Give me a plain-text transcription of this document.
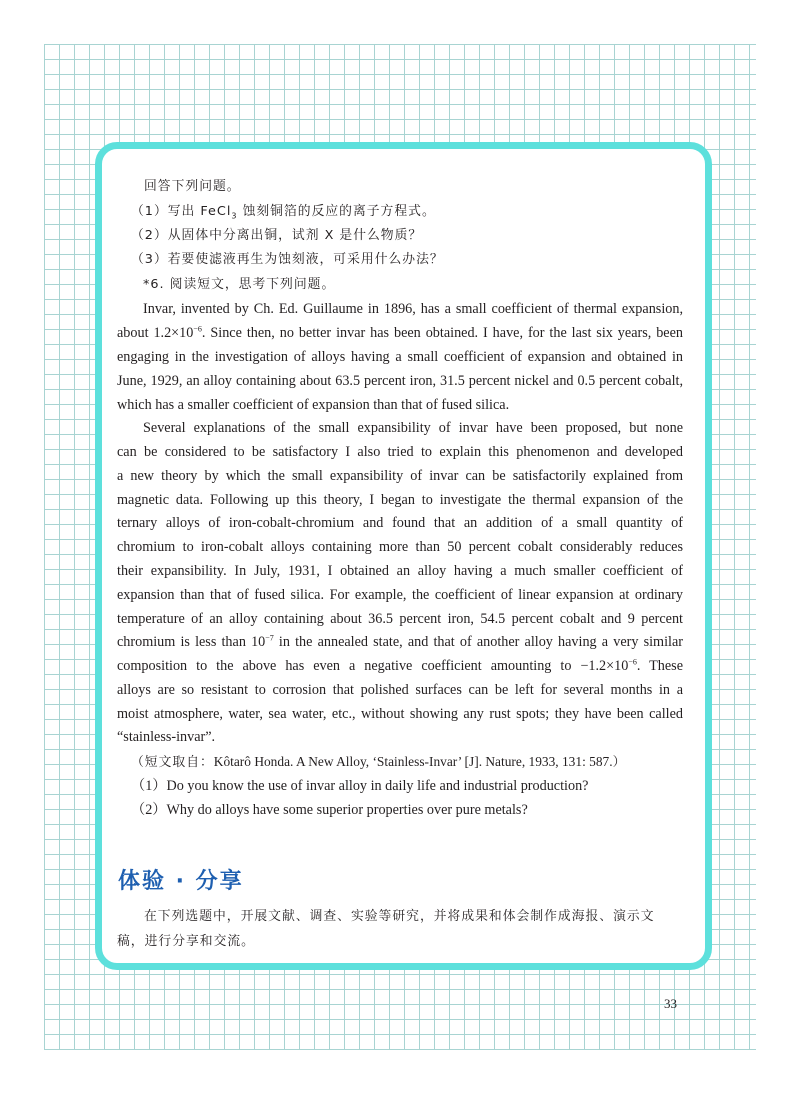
回答下列问题。
（1）写出 FeCl$_3$ 蚀刻铜箔的反应的离子方程式。
（2）从固体中分离出铜，试剂 X 是什么物质？
（3）若要使滤液再生为蚀刻液，可采用什么办法？
*6. 阅读短文，思考下列问题。
Invar, invented by Ch. Ed. Guillaume in 1896, has a small coefficient of thermal expansion,
about $1.2\times 10^{-6}$. Since then, no better invar has been obtained. I have, for the last six years, been
engaging in the investigation of alloys having a small coefficient of expansion and obtained in
June, 1929, an alloy containing about 63.5 percent iron, 31.5 percent nickel and 0.5 percent cobalt,
which has a smaller coefficient of expansion than that of fused silica.
Several explanations of the small expansibility of invar have been proposed, but none
can be considered to be satisfactory I also tried to explain this phenomenon and developed
a new theory by which the small expansibility of invar can be satisfactorily explained from
magnetic data. Following up this theory, I began to investigate the thermal expansion of the
ternary alloys of iron-cobalt-chromium and found that an addition of a small quantity of
chromium to iron-cobalt alloys containing more than 50 percent cobalt considerably reduces
their expansibility. In July, 1931, I obtained an alloy having a much smaller coefficient of
expansion than that of fused silica. For example, the coefficient of linear expansion at ordinary
temperature of an alloy containing about 36.5 percent iron, 54.5 percent cobalt and 9 percent
chromium is less than $10^{-7}$ in the annealed state, and that of another alloy having a very similar
composition to the above has even a negative coefficient amounting to $-1.2\times 10^{-6}$. These
alloys are so resistant to corrosion that polished surfaces can be left for several months in a
moist atmosphere, water, sea water, etc., without showing any rust spots; they have been called
“stainless-invar”.
（短文取自：Kôtarô Honda. A New Alloy, ‘Stainless-Invar’ [J]. Nature, 1933, 131: 587.）
（1）Do you know the use of invar alloy in daily life and industrial production?
（2）Why do alloys have some superior properties over pure metals?
体验 · 分享
在下列选题中，开展文献、调查、实验等研究，并将成果和体会制作成海报、演示文
稿，进行分享和交流。
33
